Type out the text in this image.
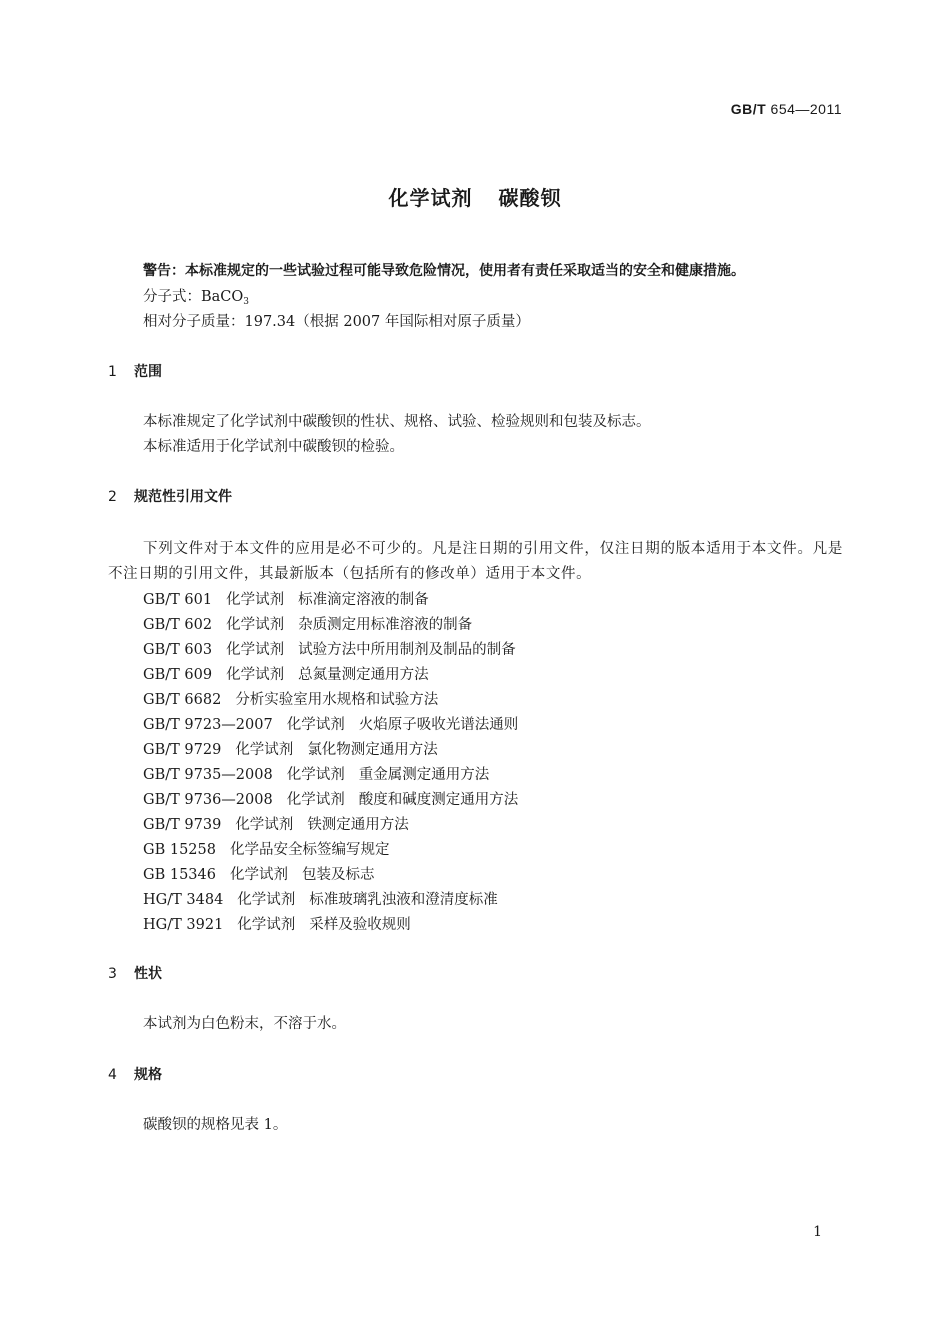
GB/T 654—2011
化学试剂 碳酸钡
警告：本标准规定的一些试验过程可能导致危险情况，使用者有责任采取适当的安全和健康措施。
分子式：BaCO$_3$
相对分子质量：197.34（根据 2007 年国际相对原子质量）
1 范围
本标准规定了化学试剂中碳酸钡的性状、规格、试验、检验规则和包装及标志。
本标准适用于化学试剂中碳酸钡的检验。
2 规范性引用文件
下列文件对于本文件的应用是必不可少的。凡是注日期的引用文件，仅注日期的版本适用于本文件。凡是不注日期的引用文件，其最新版本（包括所有的修改单）适用于本文件。
GB/T 601 化学试剂 标准滴定溶液的制备
GB/T 602 化学试剂 杂质测定用标准溶液的制备
GB/T 603 化学试剂 试验方法中所用制剂及制品的制备
GB/T 609 化学试剂 总氮量测定通用方法
GB/T 6682 分析实验室用水规格和试验方法
GB/T 9723—2007 化学试剂 火焰原子吸收光谱法通则
GB/T 9729 化学试剂 氯化物测定通用方法
GB/T 9735—2008 化学试剂 重金属测定通用方法
GB/T 9736—2008 化学试剂 酸度和碱度测定通用方法
GB/T 9739 化学试剂 铁测定通用方法
GB 15258 化学品安全标签编写规定
GB 15346 化学试剂 包装及标志
HG/T 3484 化学试剂 标准玻璃乳浊液和澄清度标准
HG/T 3921 化学试剂 采样及验收规则
3 性状
本试剂为白色粉末，不溶于水。
4 规格
碳酸钡的规格见表 1。
1
